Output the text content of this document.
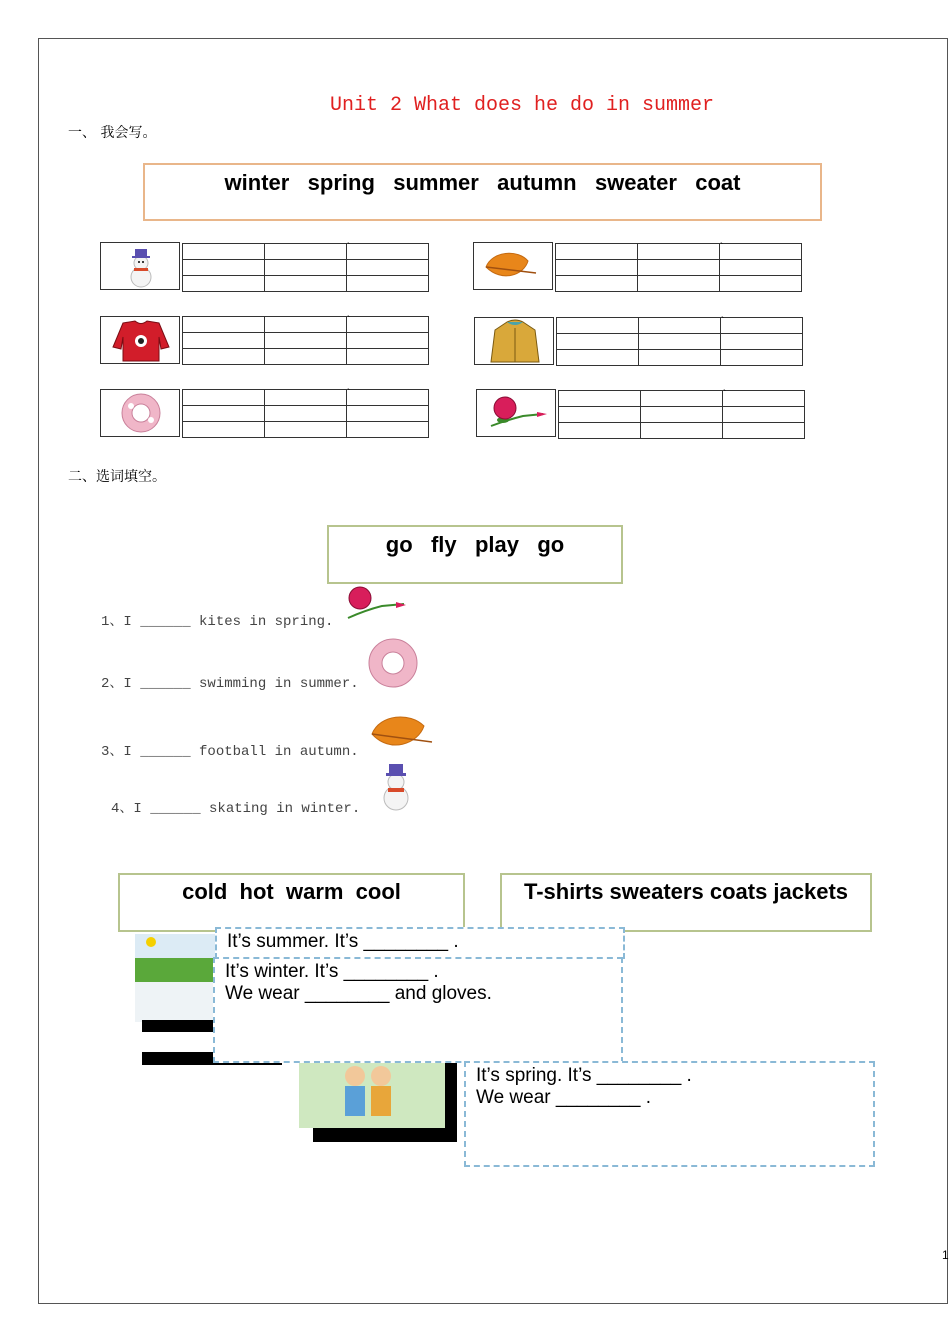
Unit 2 What does he do in summer
一、 我会写。
winter   spring   summer   autumn   sweater   coat
		`

			`

		`

			`

		`

			`

二、选词填空。
go   fly   play   go
1、I ______ kites in spring.
2、I ______ swimming in summer.
3、I ______ football in autumn.
4、I ______ skating in winter.
cold  hot  warm  cool	T-shirts sweaters coats jackets
It’s summer. It’s ________ .
It’s winter. It’s ________ .
We wear ________ and gloves.
It’s spring. It’s ________ .
We wear ________ .
1
